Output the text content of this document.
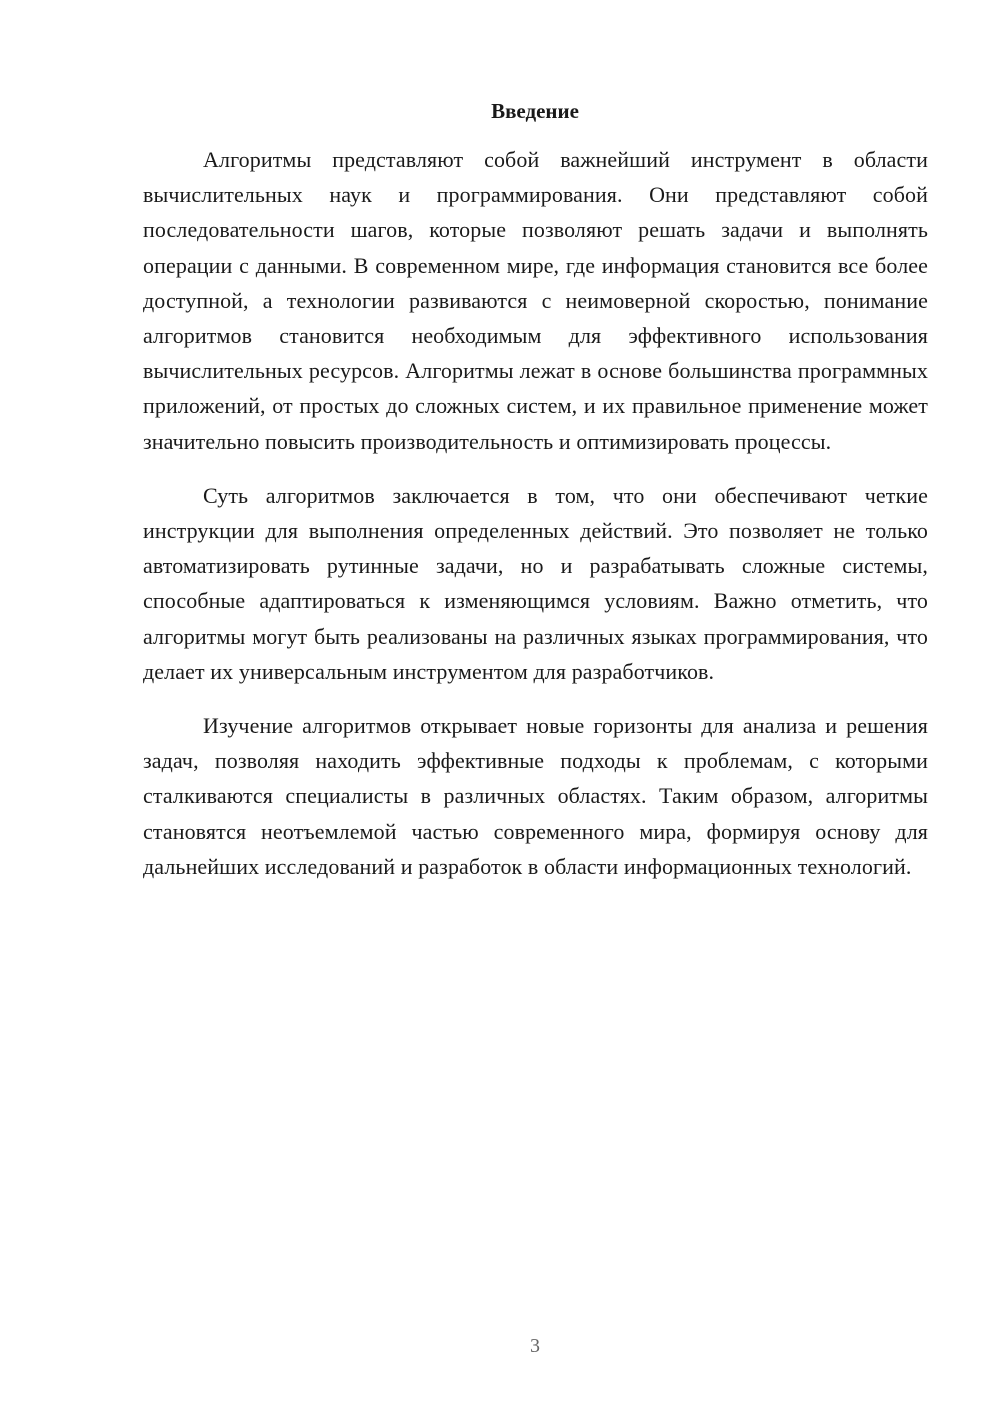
Введение

Алгоритмы представляют собой важнейший инструмент в области вычислительных наук и программирования. Они представляют собой последовательности шагов, которые позволяют решать задачи и выполнять операции с данными. В современном мире, где информация становится все более доступной, а технологии развиваются с неимоверной скоростью, понимание алгоритмов становится необходимым для эффективного использования вычислительных ресурсов. Алгоритмы лежат в основе большинства программных приложений, от простых до сложных систем, и их правильное применение может значительно повысить производительность и оптимизировать процессы.

Суть алгоритмов заключается в том, что они обеспечивают четкие инструкции для выполнения определенных действий. Это позволяет не только автоматизировать рутинные задачи, но и разрабатывать сложные системы, способные адаптироваться к изменяющимся условиям. Важно отметить, что алгоритмы могут быть реализованы на различных языках программирования, что делает их универсальным инструментом для разработчиков.

Изучение алгоритмов открывает новые горизонты для анализа и решения задач, позволяя находить эффективные подходы к проблемам, с которыми сталкиваются специалисты в различных областях. Таким образом, алгоритмы становятся неотъемлемой частью современного мира, формируя основу для дальнейших исследований и разработок в области информационных технологий.

3
